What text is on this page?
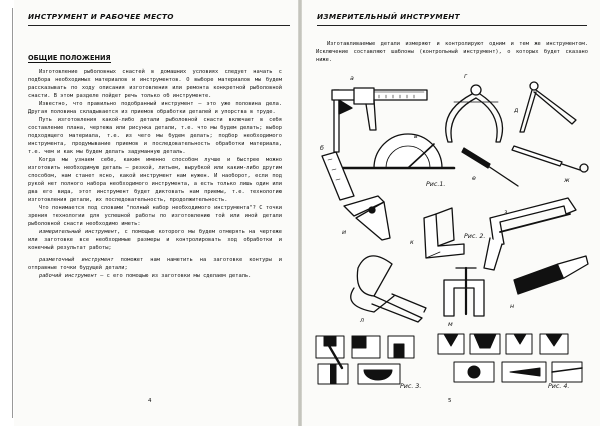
ИНСТРУМЕНТ И РАБОЧЕЕ МЕСТО
ОБЩИЕ ПОЛОЖЕНИЯ

Изготовление рыболовных снастей в домашних условиях следует начать с подбора необходимых материалов и инструментов. О выборе материалов мы будем рассказывать по ходу описания изготовления или ремонта конкретной рыболовной снасти. В этом разделе пойдет речь только об инструменте.

Известно, что правильно подобранный инструмент – это уже половина дела. Другая половина складывается из приемов обработки деталей и упорства в труде.

Путь изготовления какой-либо детали рыболовной снасти включает в себя составление плана, чертежа или рисунка детали, т.е. что мы будем делать; выбор подходящего материала, т.е. из чего мы будем делать; подбор необходимого инструмента, продумывание приемов и последовательность обработки материала, т.е. чем и как мы будем делать задуманную деталь.

Когда мы узнаем себе, каким именно способом лучше и быстрее можно изготовить необходимую деталь – резкой, литьем, вырубкой или каким-либо другим способом, нам станет ясно, какой инструмент нам нужен. И наоборот, если под рукой нет полного набора необходимого инструмента, а есть только лишь один или два его вида, этот инструмент будет диктовать нам приемы, т.е. технологию изготовления детали, их последовательность, продолжительность.

Что понимается под словами "полный набор необходимого инструмента"? С точки зрения технологии для успешной работы по изготовлению той или иной детали рыболовной снасти необходимо иметь:

измерительный инструмент, с помощью которого мы будем отмерять на чертеже или заготовке все необходимые размеры и контролировать ход обработки и конечный результат работы;

разметочный инструмент поможет нам наметить на заготовке контуры и отправные точки будущей детали;

рабочий инструмент – с его помощью из заготовки мы сделаем деталь.

4
ИЗМЕРИТЕЛЬНЫЙ ИНСТРУМЕНТ

Изготавливаемые детали измеряют и контролируют одним и тем же инструментом. Исключение составляют шаблоны (контрольный инструмент), о которых будет сказано ниже.

а
б
в
г
д
е	ж
з
и
к
л
м
н
Рис.1.
Рис. 2.
Рис. 3.	Рис. 4.
5
